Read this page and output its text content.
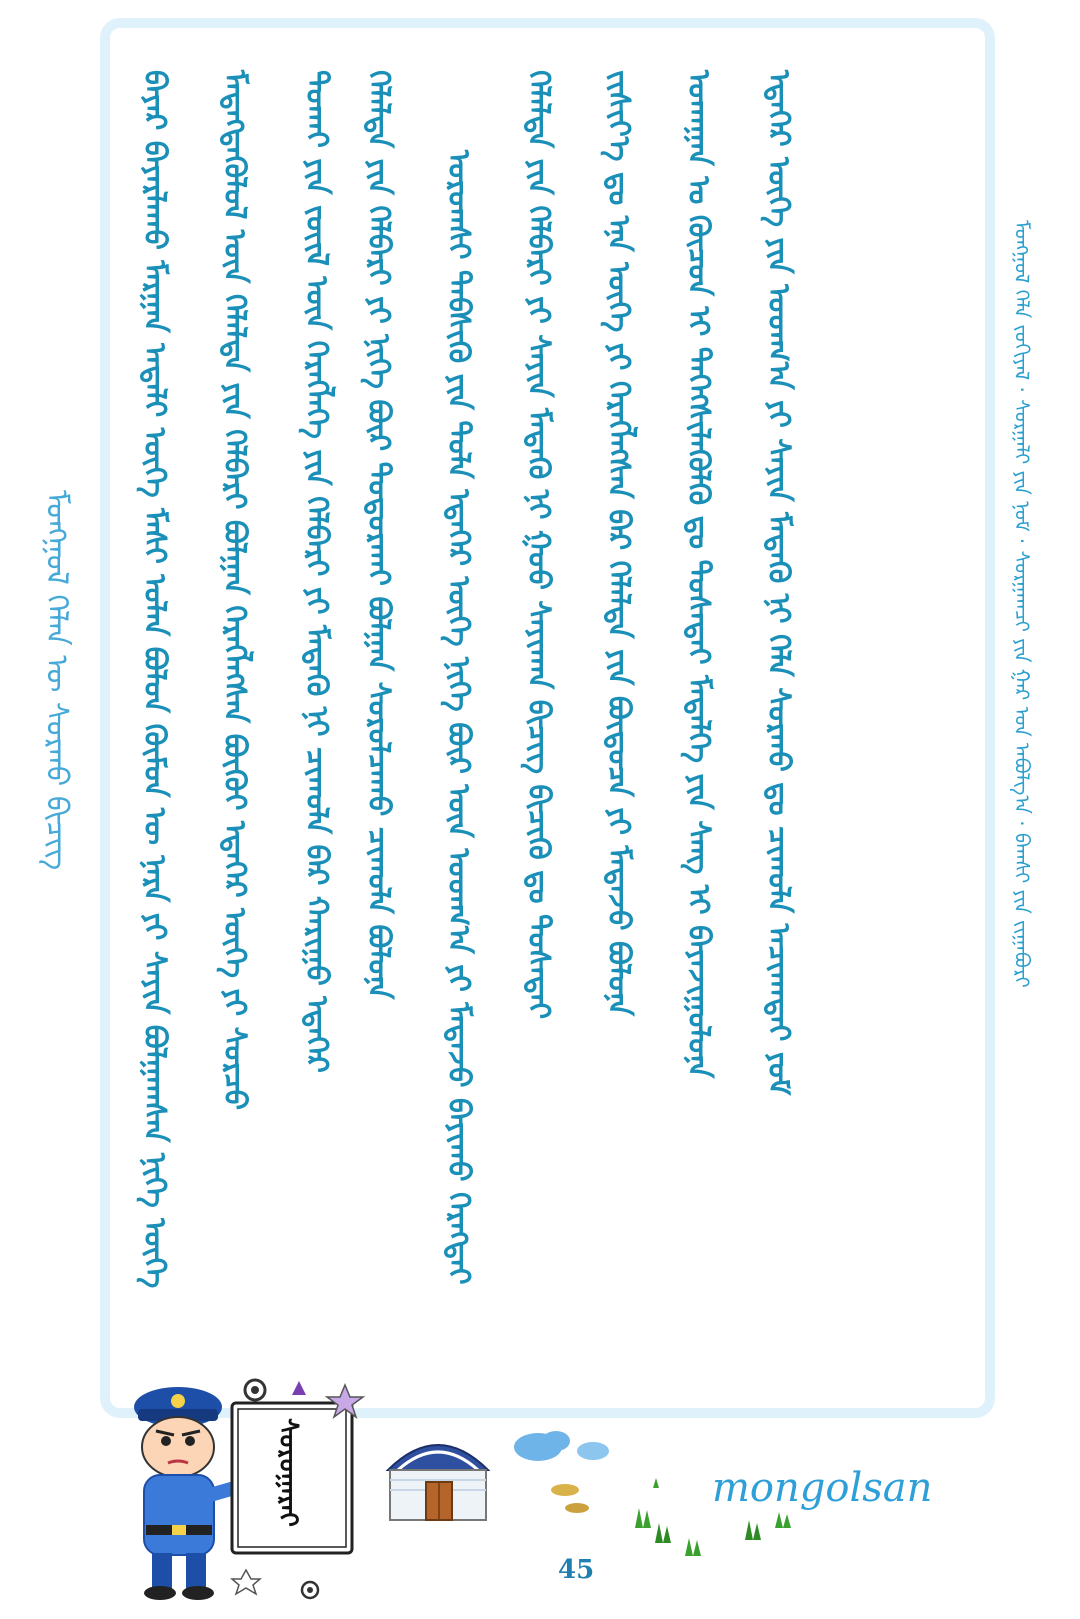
ᠮᠣᠩᠭᠣᠯ ᠬᠡᠯᠡᠨ ᠦ ᠰᠤᠷᠬᠤ ᠪᠢᠴᠢᠭ	ᠪᠠᠶᠠᠷ ᠪᠠᠶᠠᠷᠯᠠᠬᠤ ᠮᠠᠷᠭᠠᠨ ᠠᠳᠠᠯᠢ ᠦᠭᠡ ᠮᠠᠰᠢ ᠣᠯᠠᠨ ᠪᠣᠯᠣᠨ ᠬᠦᠮᠦᠨ ᠦ ᠨᠡᠷᠡ ᠶᠢ ᠰᠠᠶᠢᠨ ᠪᠣᠯᠭᠠᠭᠰᠠᠨ ᠨᠢᠭᠡ ᠦᠭᠡ	ᠮᠡᠳᠡᠭᠳᠡᠭᠦᠯᠦᠯ ᠦᠨ ᠬᠡᠯᠡᠯᠲᠡ ᠶᠢᠨ ᠬᠡᠯᠪᠡᠷᠢ ᠪᠣᠯᠭᠠᠨ ᠬᠡᠷᠡᠭᠯᠡᠭᠰᠡᠨ ᠪᠦᠬᠦᠢ ᠡᠳᠡᠭᠡᠷ ᠦᠭᠡ ᠶᠢ ᠰᠤᠷᠴᠤ	ᠲᠤᠬᠠᠢ ᠶᠢᠨ ᠵᠦᠢᠯ ᠦᠨ ᠬᠡᠷᠡᠭᠯᠡᠭᠡ ᠶᠢᠨ ᠬᠡᠯᠪᠡᠷᠢ ᠶᠢ ᠮᠡᠳᠡᠬᠦ ᠨᠢ ᠴᠢᠬᠤᠯᠠ ᠪᠡᠷ ᠬᠠᠷᠢᠭᠤ ᠡᠳᠡᠭᠡᠷ ᠬᠡᠯᠡᠯᠲᠡ ᠶᠢᠨ ᠬᠡᠯᠪᠡᠷᠢ ᠶᠢ ᠨᠢᠭᠡ ᠪᠦᠷ ᠲᠣᠳᠣᠷᠬᠠᠢ ᠪᠣᠯᠭᠠᠨ ᠰᠤᠷᠤᠯᠴᠠᠬᠤ ᠴᠢᠬᠤᠯᠠ ᠪᠣᠯᠤᠨᠠ	ᠤᠷᠤᠭᠰᠢ ᠳᠡᠪᠰᠢᠬᠦ ᠶᠢᠨ ᠲᠤᠯᠠ ᠡᠳᠡᠭᠡᠷ ᠦᠭᠡ ᠨᠢᠭᠡ ᠪᠦᠷ ᠦᠨ ᠤᠳᠬ᠎ᠠ ᠶᠢ ᠮᠡᠳᠡᠵᠦ ᠪᠠᠶᠢᠬᠤ ᠬᠡᠷᠡᠭᠲᠡᠢ	ᠬᠡᠯᠡᠯᠲᠡ ᠶᠢᠨ ᠬᠡᠯᠪᠡᠷᠢ ᠶᠢ ᠰᠠᠶᠢᠨ ᠮᠡᠳᠡᠬᠦ ᠨᠢ ᠭᠣᠣ ᠰᠠᠶᠢᠬᠠᠨ ᠪᠢᠴᠢᠭ ᠪᠢᠴᠢᠬᠦ ᠳᠤ ᠲᠤᠰᠠᠲᠠᠢ	ᠵᠢᠱᠢᠶ᠎ᠡ ᠳᠤ ᠡᠨᠡ ᠦᠭᠡ ᠶᠢ ᠬᠡᠷᠡᠭᠯᠡᠭᠰᠡᠨ ᠪᠡᠷ ᠬᠡᠯᠡᠯᠲᠡ ᠶᠢᠨ ᠪᠦᠲᠦᠴᠡ ᠶᠢ ᠮᠡᠳᠡᠵᠦ ᠪᠣᠯᠤᠨᠠ	ᠤᠬᠠᠭᠠᠨ ᠤ ᠬᠦᠴᠦᠨ ᠢ ᠳᠡᠭᠡᠭᠰᠢᠯᠡᠭᠦᠯᠬᠦ ᠳᠤ ᠲᠤᠰᠠᠲᠠᠢ ᠮᠡᠳᠡᠯᠭᠡ ᠶᠢᠨ ᠰᠠᠩ ᠢ ᠪᠠᠶᠠᠵᠢᠭᠤᠯᠤᠨᠠ	ᠡᠳᠡᠭᠡᠷ ᠦᠭᠡ ᠶᠢᠨ ᠤᠳᠬ᠎ᠠ ᠶᠢ ᠰᠠᠶᠢᠨ ᠮᠡᠳᠡᠬᠦ ᠨᠢ ᠬᠡᠯᠡ ᠰᠤᠷᠬᠤ ᠳᠤ ᠴᠢᠬᠤᠯᠠ ᠠᠴᠢᠬᠠᠲᠠᠢ ᠶᠤᠮ	ᠮᠣᠩᠭᠣᠯ ᠬᠡᠯᠡ ᠵᠣᠬᠢᠶᠠᠯ · ᠰᠤᠷᠭᠠᠯᠢ ᠶᠢᠨ ᠨᠣᠮ · ᠰᠤᠷᠭᠠᠭᠴᠢ ᠶᠢᠨ ᠭᠠᠷ ᠤᠨ ᠠᠪᠤᠯᠭ᠎ᠠ · ᠪᠠᠭᠰᠢ ᠶᠢᠨ ᠵᠢᠭᠠᠪᠤᠷᠢ
ᠰᠤᠷᠤᠭᠠᠷᠠᠢ	mongolsan
45
